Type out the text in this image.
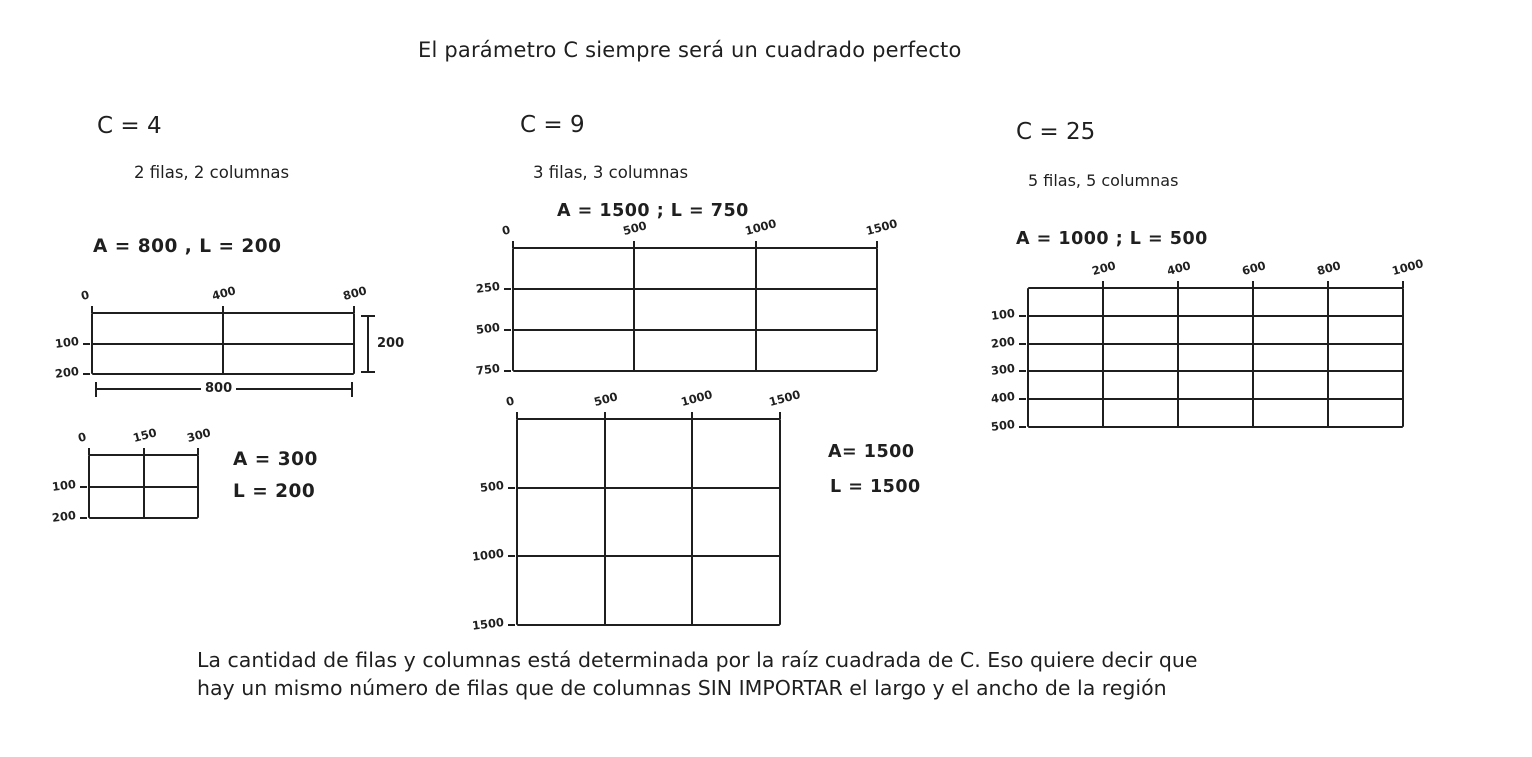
El parámetro C siempre será un cuadrado perfecto
C = 4
2 filas, 2 columnas
A = 800 , L = 200
C = 9
3 filas, 3 columnas
A = 1500 ; L = 750
C = 25
5 filas, 5 columnas
A = 1000 ; L = 500
A = 300
L = 200
A= 1500
L = 1500
La cantidad de filas y columnas está determinada por la raíz cuadrada de C. Eso quiere decir que
hay un mismo número de filas que de columnas SIN IMPORTAR el largo y el ancho de la región
0	400	800
100
200
200
800
0	150 300
100
200
0	500	1000	1500
250
500
750
0	500	1000	1500
500
1000
1500
200	400	600	800	1000
100
200
300
400
500
